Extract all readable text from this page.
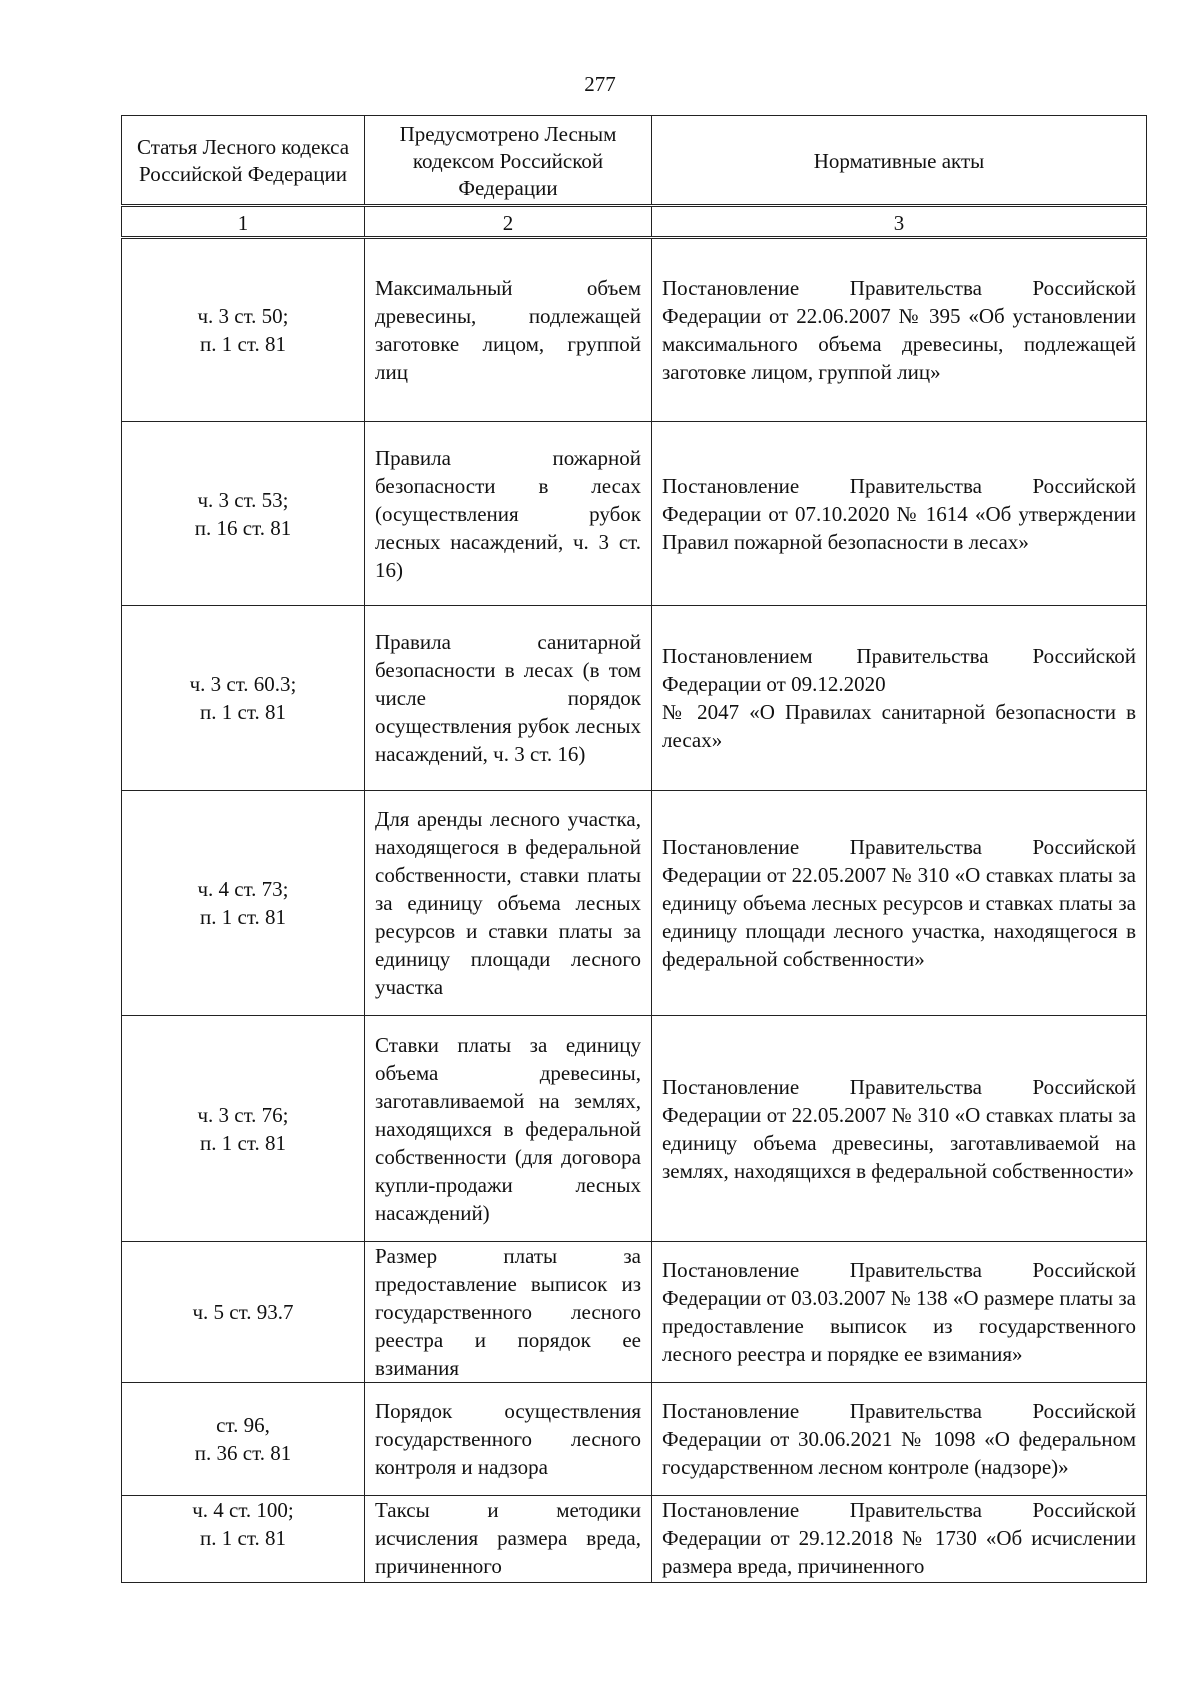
277
Статья Лесного кодекса Российской Федерации	Предусмотрено Лесным кодексом Российской Федерации	Нормативные акты
1	2	3

ч. 3 ст. 50;
п. 1 ст. 81	Максимальный объем древесины, подлежащей заготовке лицом, группой лиц	Постановление Правительства Российской Федерации от 22.06.2007 № 395 «Об установлении максимального объема древесины, подлежащей заготовке лицом, группой лиц»

ч. 3 ст. 53;
п. 16 ст. 81	Правила пожарной безопасности в лесах (осуществления рубок лесных насаждений, ч. 3 ст. 16)	Постановление Правительства Российской Федерации от 07.10.2020 № 1614 «Об утверждении Правил пожарной безопасности в лесах»

ч. 3 ст. 60.3;
п. 1 ст. 81	Правила санитарной безопасности в лесах (в том числе порядок осуществления рубок лесных насаждений, ч. 3 ст. 16)	Постановлением Правительства Российской Федерации от 09.12.2020
№ 2047 «О Правилах санитарной безопасности в лесах»

ч. 4 ст. 73;
п. 1 ст. 81	Для аренды лесного участка, находящегося в федеральной собственности, ставки платы за единицу объема лесных ресурсов и ставки платы за единицу площади лесного участка	Постановление Правительства Российской Федерации от 22.05.2007 № 310 «О ставках платы за единицу объема лесных ресурсов и ставках платы за единицу площади лесного участка, находящегося в федеральной собственности»

ч. 3 ст. 76;
п. 1 ст. 81	Ставки платы за единицу объема древесины, заготавливаемой на землях, находящихся в федеральной собственности (для договора купли-продажи лесных насаждений)	Постановление Правительства Российской Федерации от 22.05.2007 № 310 «О ставках платы за единицу объема древесины, заготавливаемой на землях, находящихся в федеральной собственности»

ч. 5 ст. 93.7	Размер платы за предоставление выписок из государственного лесного реестра и порядок ее взимания	Постановление Правительства Российской Федерации от 03.03.2007 № 138 «О размере платы за предоставление выписок из государственного лесного реестра и порядке ее взимания»

ст. 96,
п. 36 ст. 81	Порядок осуществления государственного лесного контроля и надзора	Постановление Правительства Российской Федерации от 30.06.2021 № 1098 «О федеральном государственном лесном контроле (надзоре)»

ч. 4 ст. 100;
п. 1 ст. 81	Таксы и методики исчисления размера вреда, причиненного	Постановление Правительства Российской Федерации от 29.12.2018 № 1730 «Об исчислении размера вреда, причиненного
